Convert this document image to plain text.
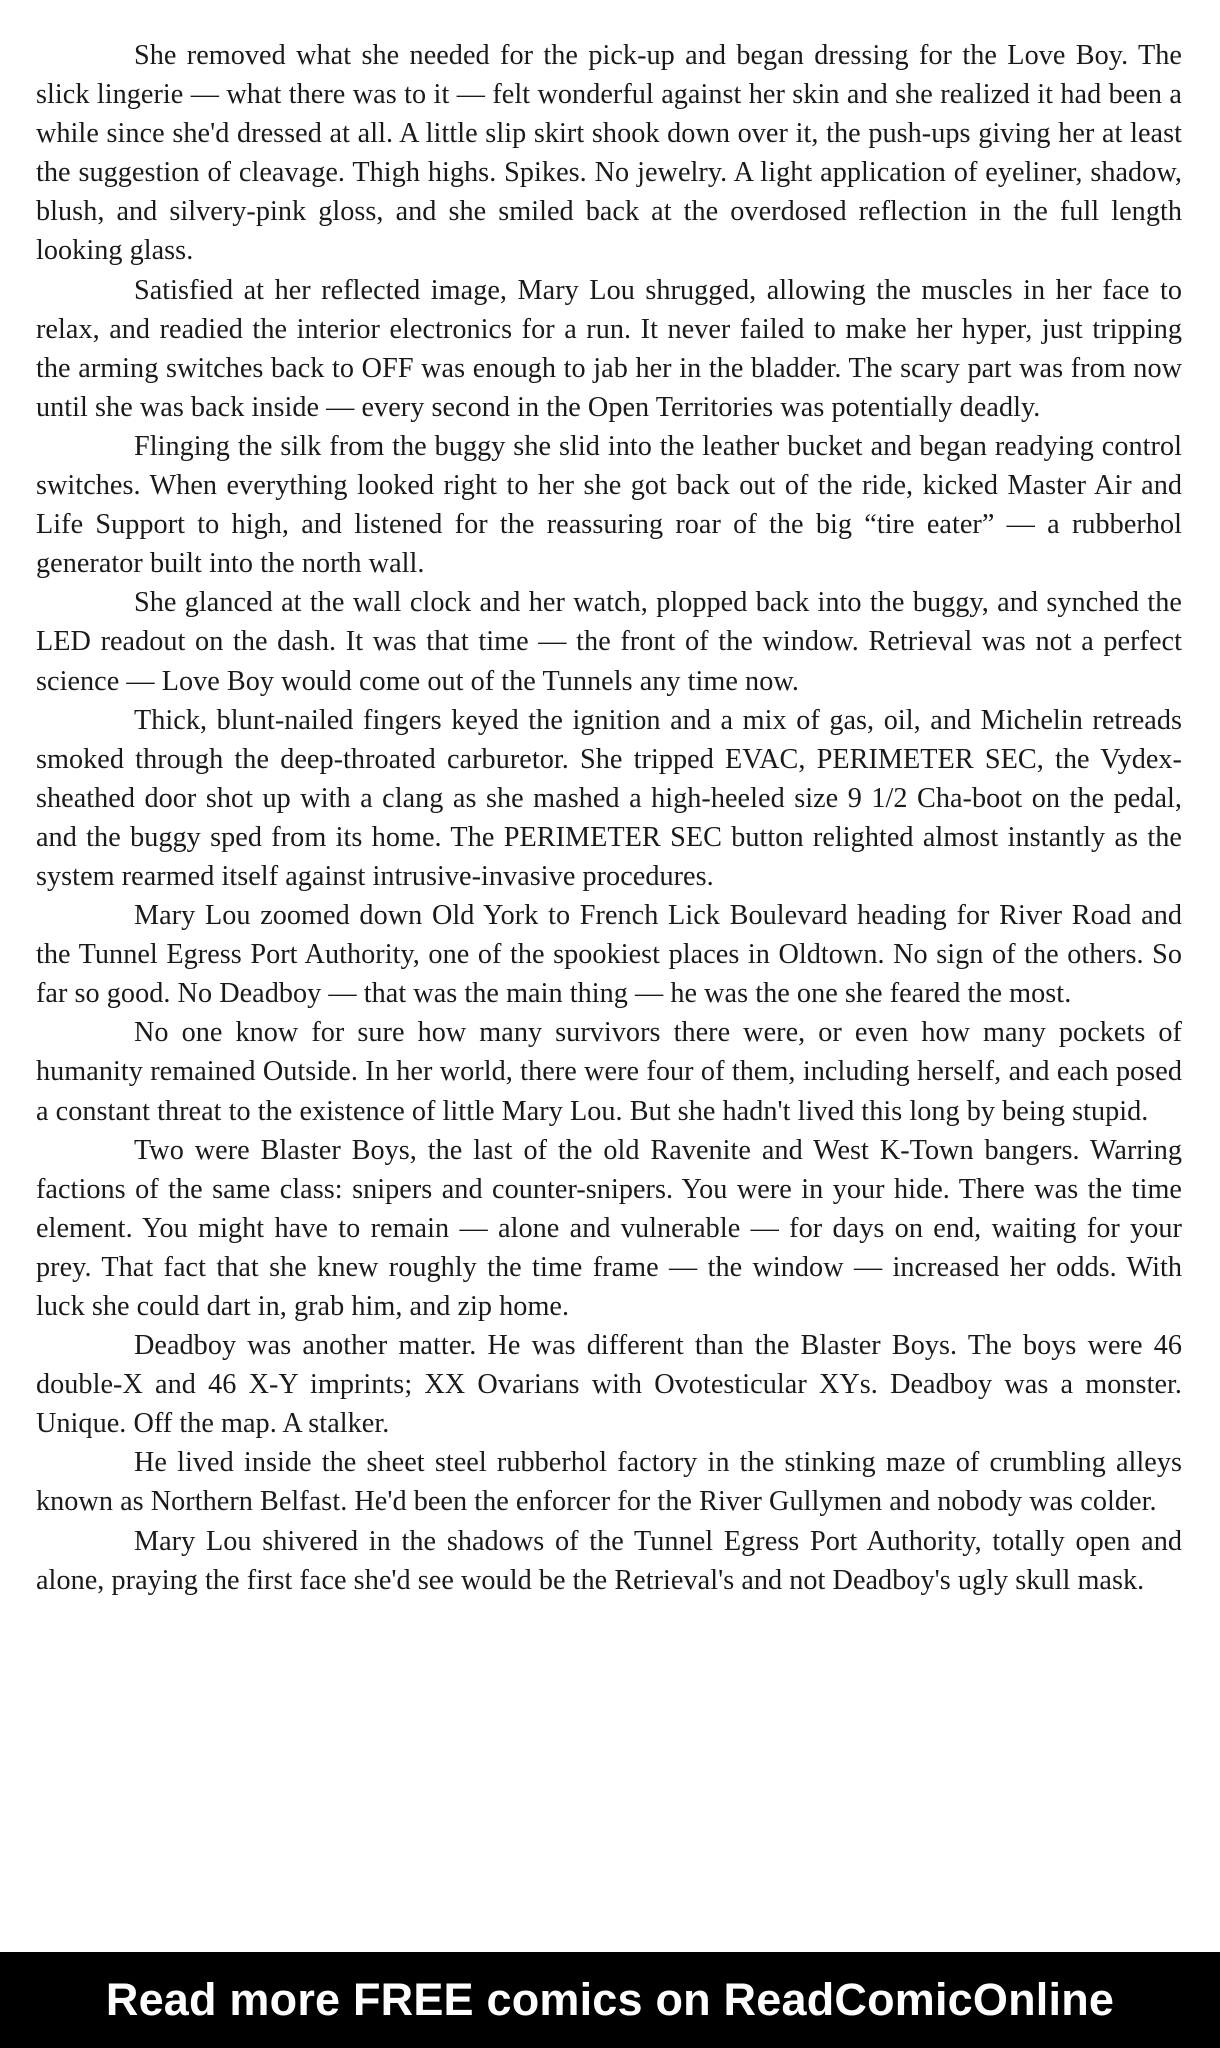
She removed what she needed for the pick-up and began dressing for the Love Boy. The slick lingerie — what there was to it — felt wonderful against her skin and she realized it had been a while since she'd dressed at all. A little slip skirt shook down over it, the push-ups giving her at least the suggestion of cleavage. Thigh highs. Spikes. No jewelry. A light application of eyeliner, shadow, blush, and silvery-pink gloss, and she smiled back at the overdosed reflection in the full length looking glass.

Satisfied at her reflected image, Mary Lou shrugged, allowing the muscles in her face to relax, and readied the interior electronics for a run. It never failed to make her hyper, just tripping the arming switches back to OFF was enough to jab her in the bladder. The scary part was from now until she was back inside — every second in the Open Territories was potentially deadly.

Flinging the silk from the buggy she slid into the leather bucket and began readying control switches. When everything looked right to her she got back out of the ride, kicked Master Air and Life Support to high, and listened for the reassuring roar of the big “tire eater” — a rubberhol generator built into the north wall.

She glanced at the wall clock and her watch, plopped back into the buggy, and synched the LED readout on the dash. It was that time — the front of the window. Retrieval was not a perfect science — Love Boy would come out of the Tunnels any time now.

Thick, blunt-nailed fingers keyed the ignition and a mix of gas, oil, and Michelin retreads smoked through the deep-throated carburetor. She tripped EVAC, PERIMETER SEC, the Vydex-sheathed door shot up with a clang as she mashed a high-heeled size 9 1/2 Cha-boot on the pedal, and the buggy sped from its home. The PERIMETER SEC button relighted almost instantly as the system rearmed itself against intrusive-invasive procedures.

Mary Lou zoomed down Old York to French Lick Boulevard heading for River Road and the Tunnel Egress Port Authority, one of the spookiest places in Oldtown. No sign of the others. So far so good. No Deadboy — that was the main thing — he was the one she feared the most.

No one know for sure how many survivors there were, or even how many pockets of humanity remained Outside. In her world, there were four of them, including herself, and each posed a constant threat to the existence of little Mary Lou. But she hadn't lived this long by being stupid.

Two were Blaster Boys, the last of the old Ravenite and West K-Town bangers. Warring factions of the same class: snipers and counter-snipers. You were in your hide. There was the time element. You might have to remain — alone and vulnerable — for days on end, waiting for your prey. That fact that she knew roughly the time frame — the window — increased her odds. With luck she could dart in, grab him, and zip home.

Deadboy was another matter. He was different than the Blaster Boys. The boys were 46 double-X and 46 X-Y imprints; XX Ovarians with Ovotesticular XYs. Deadboy was a monster. Unique. Off the map. A stalker.

He lived inside the sheet steel rubberhol factory in the stinking maze of crumbling alleys known as Northern Belfast. He'd been the enforcer for the River Gullymen and nobody was colder.

Mary Lou shivered in the shadows of the Tunnel Egress Port Authority, totally open and alone, praying the first face she'd see would be the Retrieval's and not Deadboy's ugly skull mask.

Read more FREE comics on ReadComicOnline
